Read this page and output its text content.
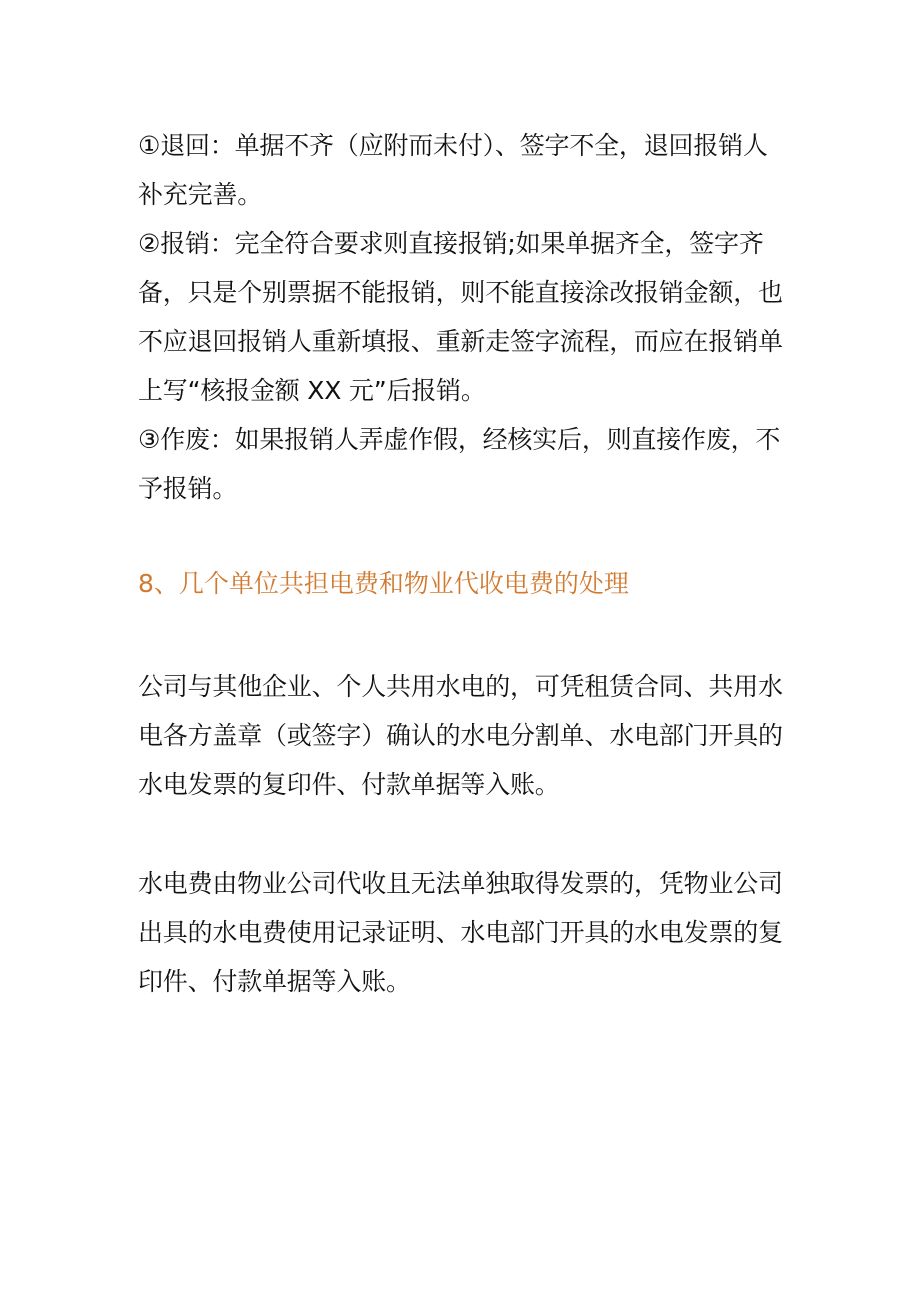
①退回：单据不齐（应附而未付）、签字不全，退回报销人
补充完善。
②报销：完全符合要求则直接报销;如果单据齐全，签字齐
备，只是个别票据不能报销，则不能直接涂改报销金额，也
不应退回报销人重新填报、重新走签字流程，而应在报销单
上写“核报金额 XX 元”后报销。
③作废：如果报销人弄虚作假，经核实后，则直接作废，不
予报销。
8、几个单位共担电费和物业代收电费的处理
公司与其他企业、个人共用水电的，可凭租赁合同、共用水
电各方盖章（或签字）确认的水电分割单、水电部门开具的
水电发票的复印件、付款单据等入账。
水电费由物业公司代收且无法单独取得发票的，凭物业公司
出具的水电费使用记录证明、水电部门开具的水电发票的复
印件、付款单据等入账。
